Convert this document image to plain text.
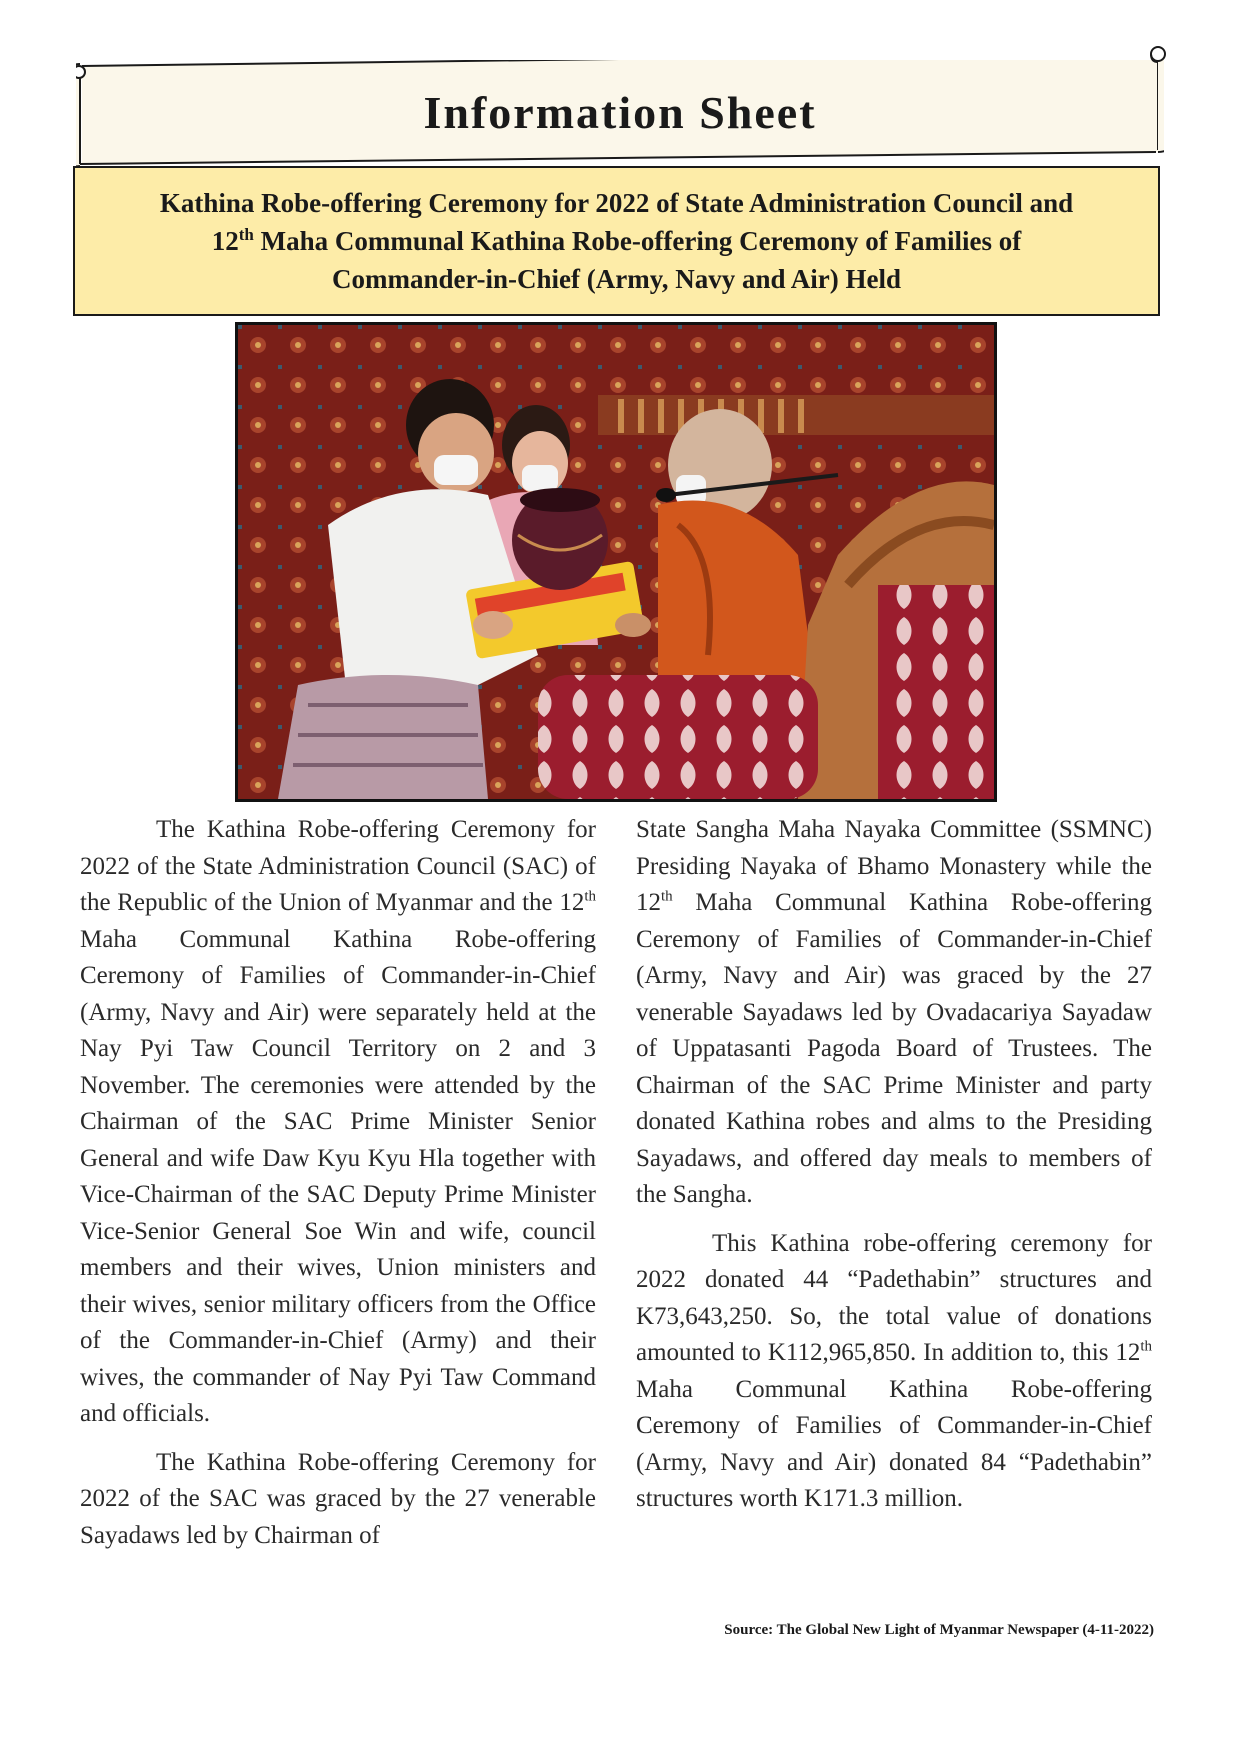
Information Sheet
Kathina Robe-offering Ceremony for 2022 of State Administration Council and
12th Maha Communal Kathina Robe-offering Ceremony of Families of
Commander-in-Chief (Army, Navy and Air) Held

The Kathina Robe-offering Ceremony for 2022 of the State Administration Council (SAC) of the Republic of the Union of Myanmar and the 12th Maha Communal Kathina Robe-offering Ceremony of Families of Commander-in-Chief (Army, Navy and Air) were separately held at the Nay Pyi Taw Council Territory on 2 and 3 November. The ceremonies were attended by the Chairman of the SAC Prime Minister Senior General and wife Daw Kyu Kyu Hla together with Vice-Chairman of the SAC Deputy Prime Minister Vice-Senior General Soe Win and wife, council members and their wives, Union ministers and their wives, senior military officers from the Office of the Commander-in-Chief (Army) and their wives, the commander of Nay Pyi Taw Command and officials.

The Kathina Robe-offering Ceremony for 2022 of the SAC was graced by the 27 venerable Sayadaws led by Chairman of

State Sangha Maha Nayaka Committee (SSMNC) Presiding Nayaka of Bhamo Monastery while the 12th Maha Communal Kathina Robe-offering Ceremony of Families of Commander-in-Chief (Army, Navy and Air) was graced by the 27 venerable Sayadaws led by Ovadacariya Sayadaw of Uppatasanti Pagoda Board of Trustees. The Chairman of the SAC Prime Minister and party donated Kathina robes and alms to the Presiding Sayadaws, and offered day meals to members of the Sangha.

This Kathina robe-offering ceremony for 2022 donated 44 “Padethabin” structures and K73,643,250. So, the total value of donations amounted to K112,965,850. In addition to, this 12th Maha Communal Kathina Robe-offering Ceremony of Families of Commander-in-Chief (Army, Navy and Air) donated 84 “Padethabin” structures worth K171.3 million.

Source: The Global New Light of Myanmar Newspaper (4-11-2022)
